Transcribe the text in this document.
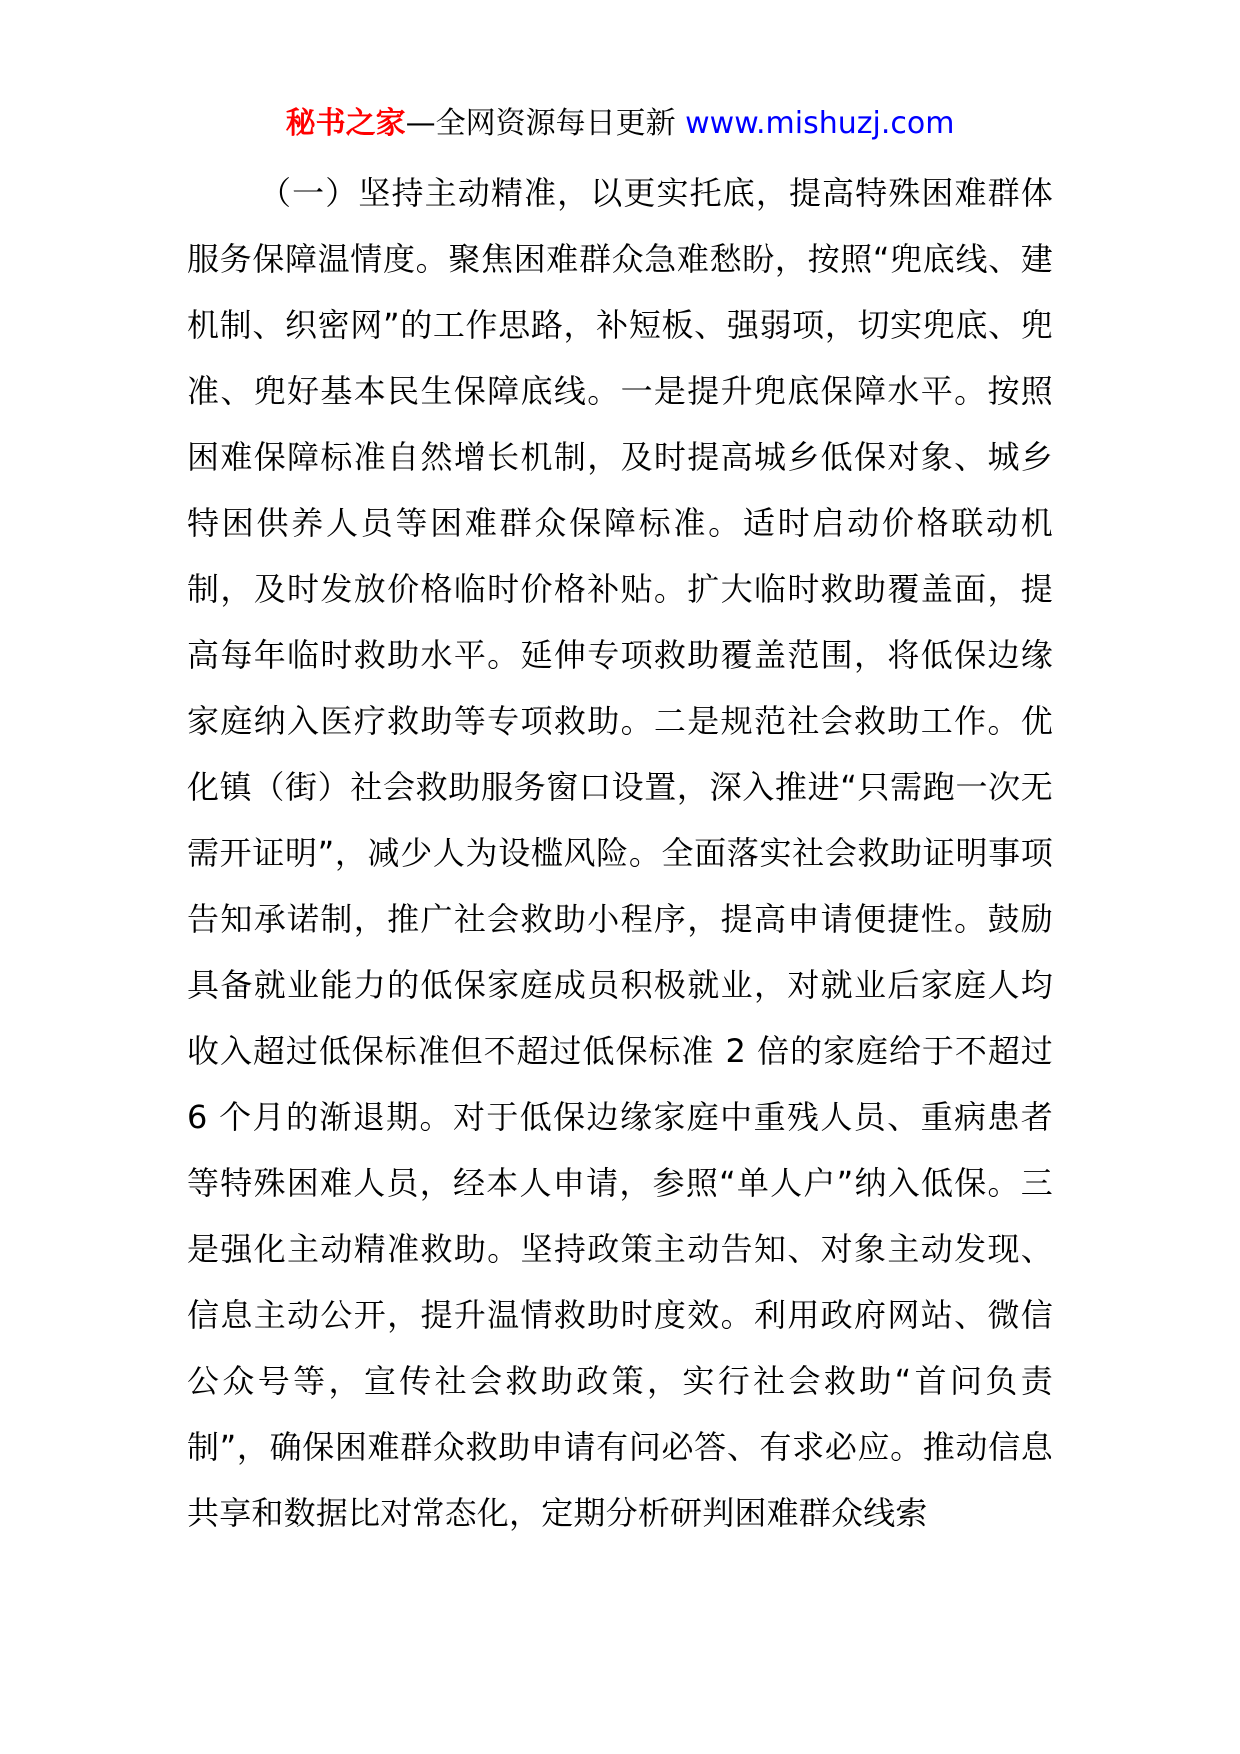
秘书之家—全网资源每日更新 www.mishuzj.com

（一）坚持主动精准，以更实托底，提高特殊困难群体服务保障温情度。聚焦困难群众急难愁盼，按照“兜底线、建机制、织密网”的工作思路，补短板、强弱项，切实兜底、兜准、兜好基本民生保障底线。一是提升兜底保障水平。按照困难保障标准自然增长机制，及时提高城乡低保对象、城乡特困供养人员等困难群众保障标准。适时启动价格联动机制，及时发放价格临时价格补贴。扩大临时救助覆盖面，提高每年临时救助水平。延伸专项救助覆盖范围，将低保边缘家庭纳入医疗救助等专项救助。二是规范社会救助工作。优化镇（街）社会救助服务窗口设置，深入推进“只需跑一次无需开证明”，减少人为设槛风险。全面落实社会救助证明事项告知承诺制，推广社会救助小程序，提高申请便捷性。鼓励具备就业能力的低保家庭成员积极就业，对就业后家庭人均收入超过低保标准但不超过低保标准 2 倍的家庭给于不超过 6 个月的渐退期。对于低保边缘家庭中重残人员、重病患者等特殊困难人员，经本人申请，参照“单人户”纳入低保。三是强化主动精准救助。坚持政策主动告知、对象主动发现、信息主动公开，提升温情救助时度效。利用政府网站、微信公众号等，宣传社会救助政策，实行社会救助“首问负责制”，确保困难群众救助申请有问必答、有求必应。推动信息共享和数据比对常态化，定期分析研判困难群众线索
